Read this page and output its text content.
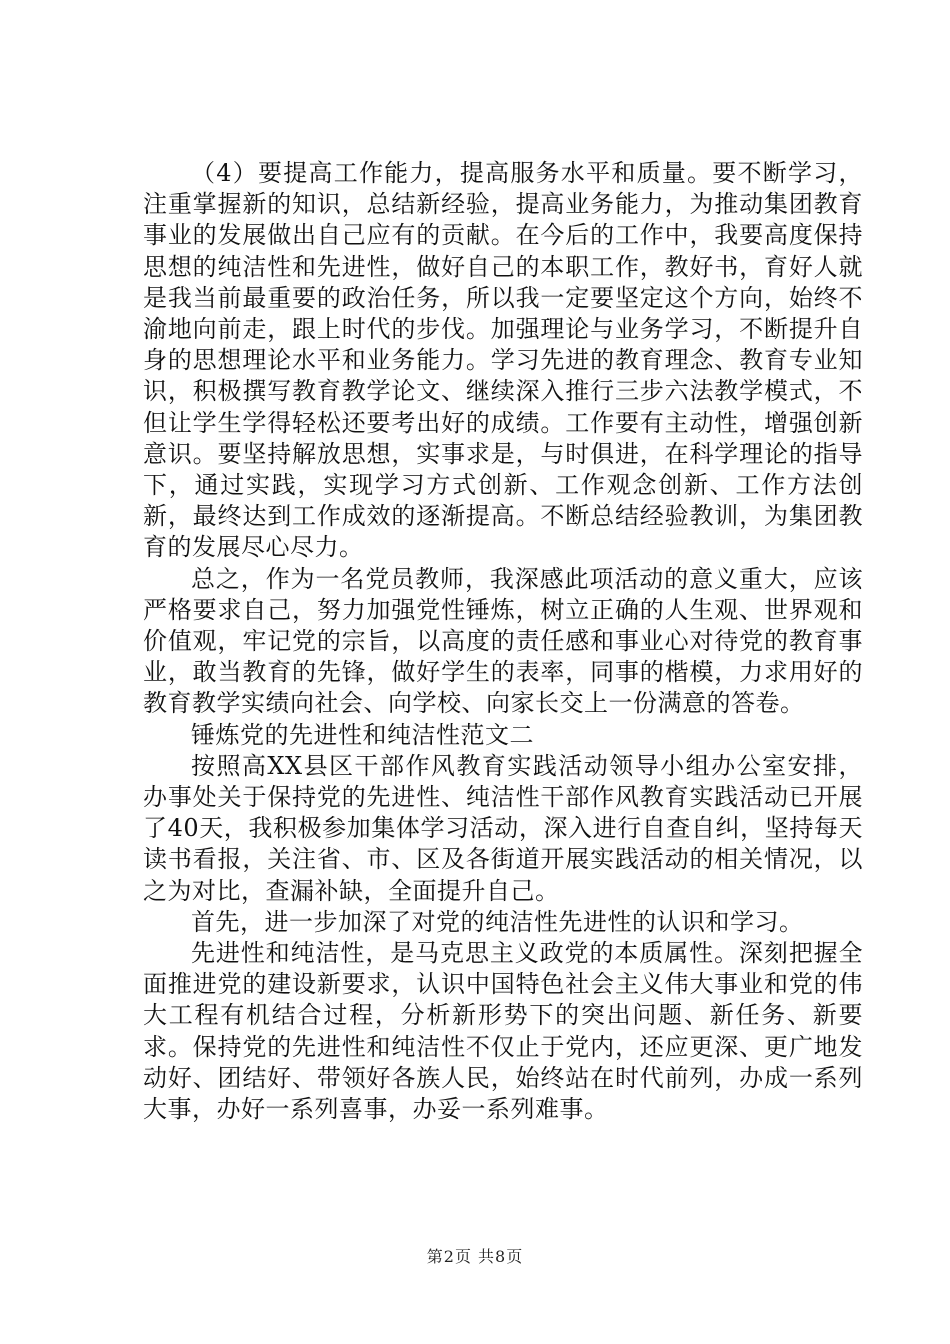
（4）要提高工作能力，提高服务水平和质量。要不断学习，注重掌握新的知识，总结新经验，提高业务能力，为推动集团教育事业的发展做出自己应有的贡献。在今后的工作中，我要高度保持思想的纯洁性和先进性，做好自己的本职工作，教好书，育好人就是我当前最重要的政治任务，所以我一定要坚定这个方向，始终不渝地向前走，跟上时代的步伐。加强理论与业务学习，不断提升自身的思想理论水平和业务能力。学习先进的教育理念、教育专业知识，积极撰写教育教学论文、继续深入推行三步六法教学模式，不但让学生学得轻松还要考出好的成绩。工作要有主动性，增强创新意识。要坚持解放思想，实事求是，与时俱进，在科学理论的指导下，通过实践，实现学习方式创新、工作观念创新、工作方法创新，最终达到工作成效的逐渐提高。不断总结经验教训，为集团教育的发展尽心尽力。

总之，作为一名党员教师，我深感此项活动的意义重大，应该严格要求自己，努力加强党性锤炼，树立正确的人生观、世界观和价值观，牢记党的宗旨，以高度的责任感和事业心对待党的教育事业，敢当教育的先锋，做好学生的表率，同事的楷模，力求用好的教育教学实绩向社会、向学校、向家长交上一份满意的答卷。

锤炼党的先进性和纯洁性范文二

按照高XX县区干部作风教育实践活动领导小组办公室安排，办事处关于保持党的先进性、纯洁性干部作风教育实践活动已开展了40天，我积极参加集体学习活动，深入进行自查自纠，坚持每天读书看报，关注省、市、区及各街道开展实践活动的相关情况，以之为对比，查漏补缺，全面提升自己。

首先，进一步加深了对党的纯洁性先进性的认识和学习。

先进性和纯洁性，是马克思主义政党的本质属性。深刻把握全面推进党的建设新要求，认识中国特色社会主义伟大事业和党的伟大工程有机结合过程，分析新形势下的突出问题、新任务、新要求。保持党的先进性和纯洁性不仅止于党内，还应更深、更广地发动好、团结好、带领好各族人民，始终站在时代前列，办成一系列大事，办好一系列喜事，办妥一系列难事。

第2页 共8页
